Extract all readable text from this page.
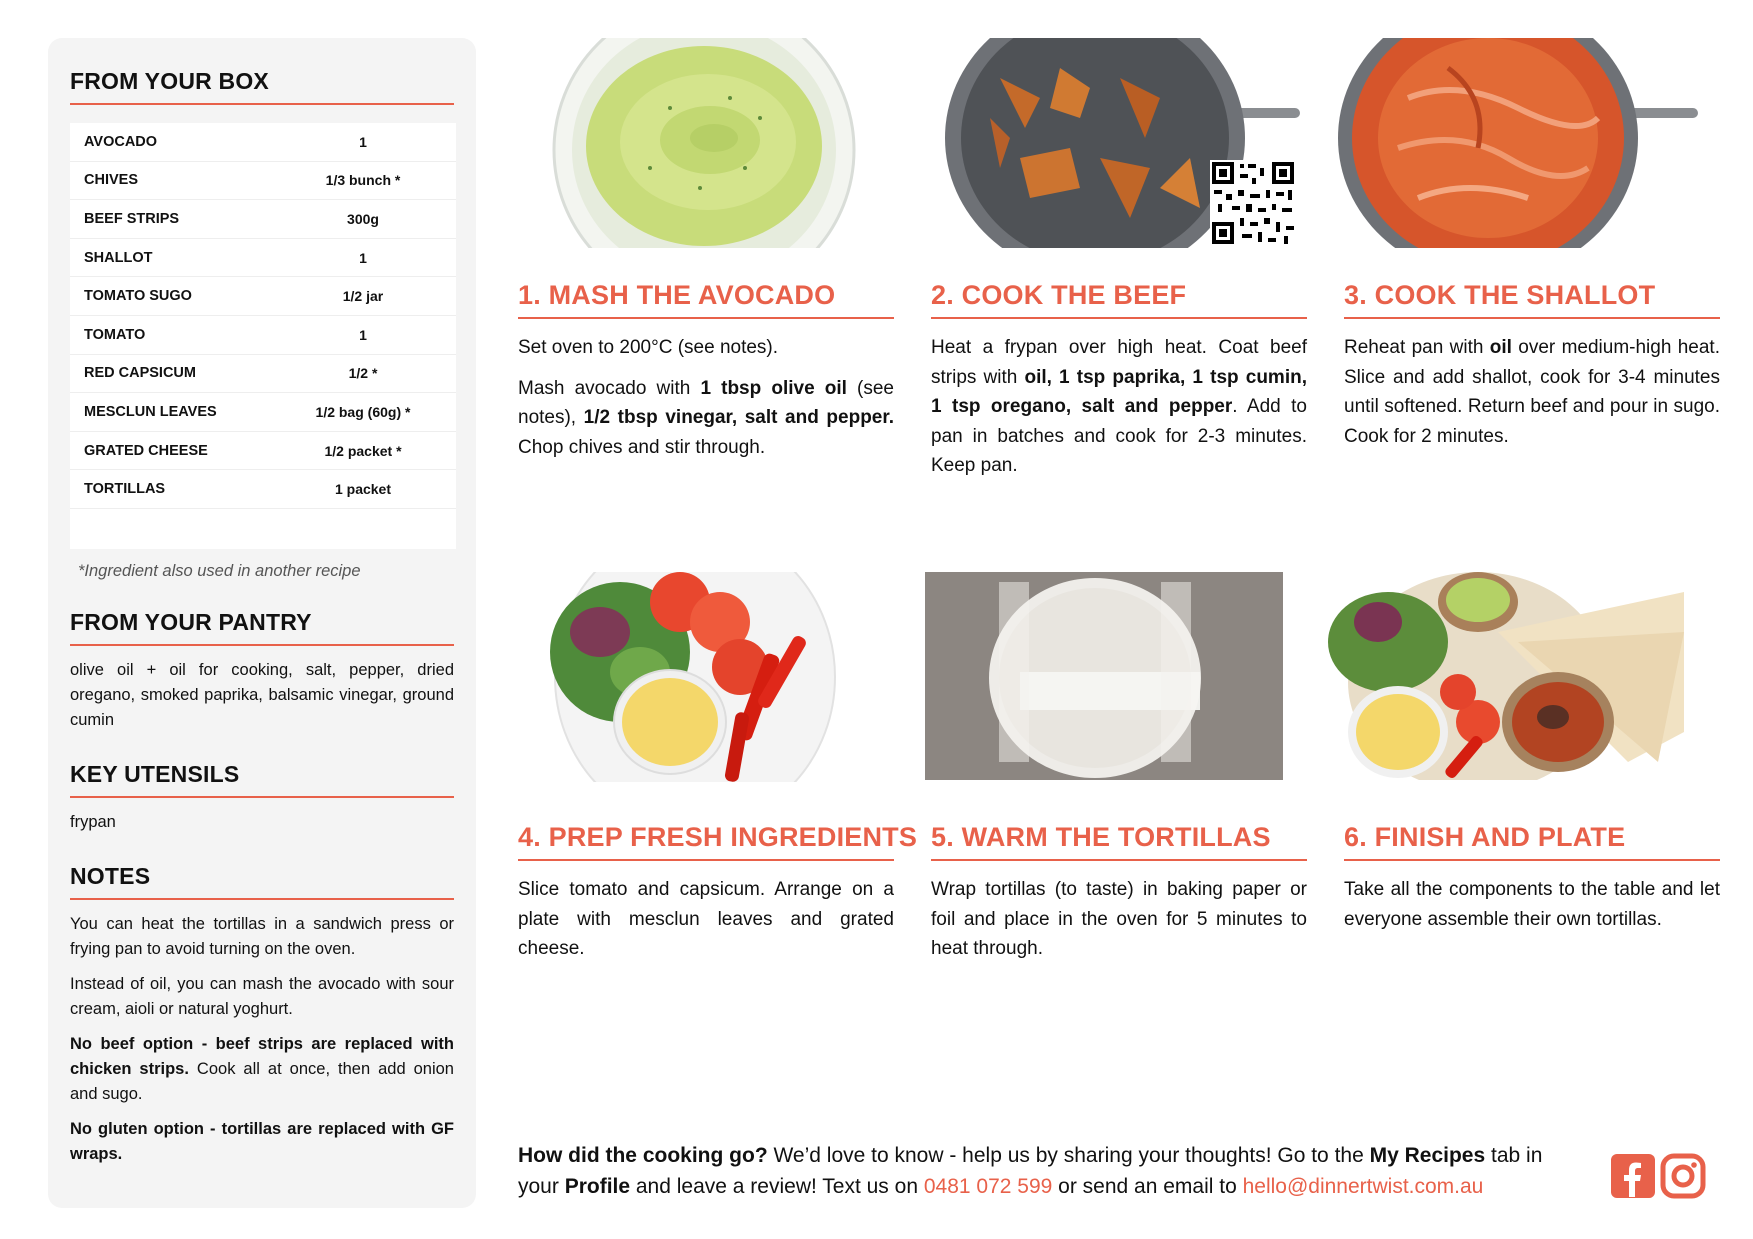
FROM YOUR BOX
AVOCADO	1
CHIVES	1/3 bunch *
BEEF STRIPS	300g
SHALLOT	1
TOMATO SUGO	1/2 jar
TOMATO	1
RED CAPSICUM	1/2 *
MESCLUN LEAVES	1/2 bag (60g) *
GRATED CHEESE	1/2 packet *
TORTILLAS	1 packet
*Ingredient also used in another recipe
FROM YOUR PANTRY
olive oil + oil for cooking, salt, pepper, dried oregano, smoked paprika, balsamic vinegar, ground cumin
KEY UTENSILS
frypan
NOTES

You can heat the tortillas in a sandwich press or frying pan to avoid turning on the oven.

Instead of oil, you can mash the avocado with sour cream, aioli or natural yoghurt.

No beef option - beef strips are replaced with chicken strips. Cook all at once, then add onion and sugo.

No gluten option - tortillas are replaced with GF wraps.

1. MASH THE AVOCADO

Set oven to 200°C (see notes).

Mash avocado with 1 tbsp olive oil (see notes), 1/2 tbsp vinegar, salt and pepper. Chop chives and stir through.

2. COOK THE BEEF

Heat a frypan over high heat. Coat beef strips with oil, 1 tsp paprika, 1 tsp cumin, 1 tsp oregano, salt and pepper. Add to pan in batches and cook for 2-3 minutes. Keep pan.

3. COOK THE SHALLOT

Reheat pan with oil over medium-high heat. Slice and add shallot, cook for 3-4 minutes until softened. Return beef and pour in sugo. Cook for 2 minutes.

4. PREP FRESH INGREDIENTS

Slice tomato and capsicum. Arrange on a plate with mesclun leaves and grated cheese.

5. WARM THE TORTILLAS

Wrap tortillas (to taste) in baking paper or foil and place in the oven for 5 minutes to heat through.

6. FINISH AND PLATE

Take all the components to the table and let everyone assemble their own tortillas.

How did the cooking go? We’d love to know - help us by sharing your thoughts! Go to the My Recipes tab in your Profile and leave a review! Text us on 0481 072 599 or send an email to hello@dinnertwist.com.au
